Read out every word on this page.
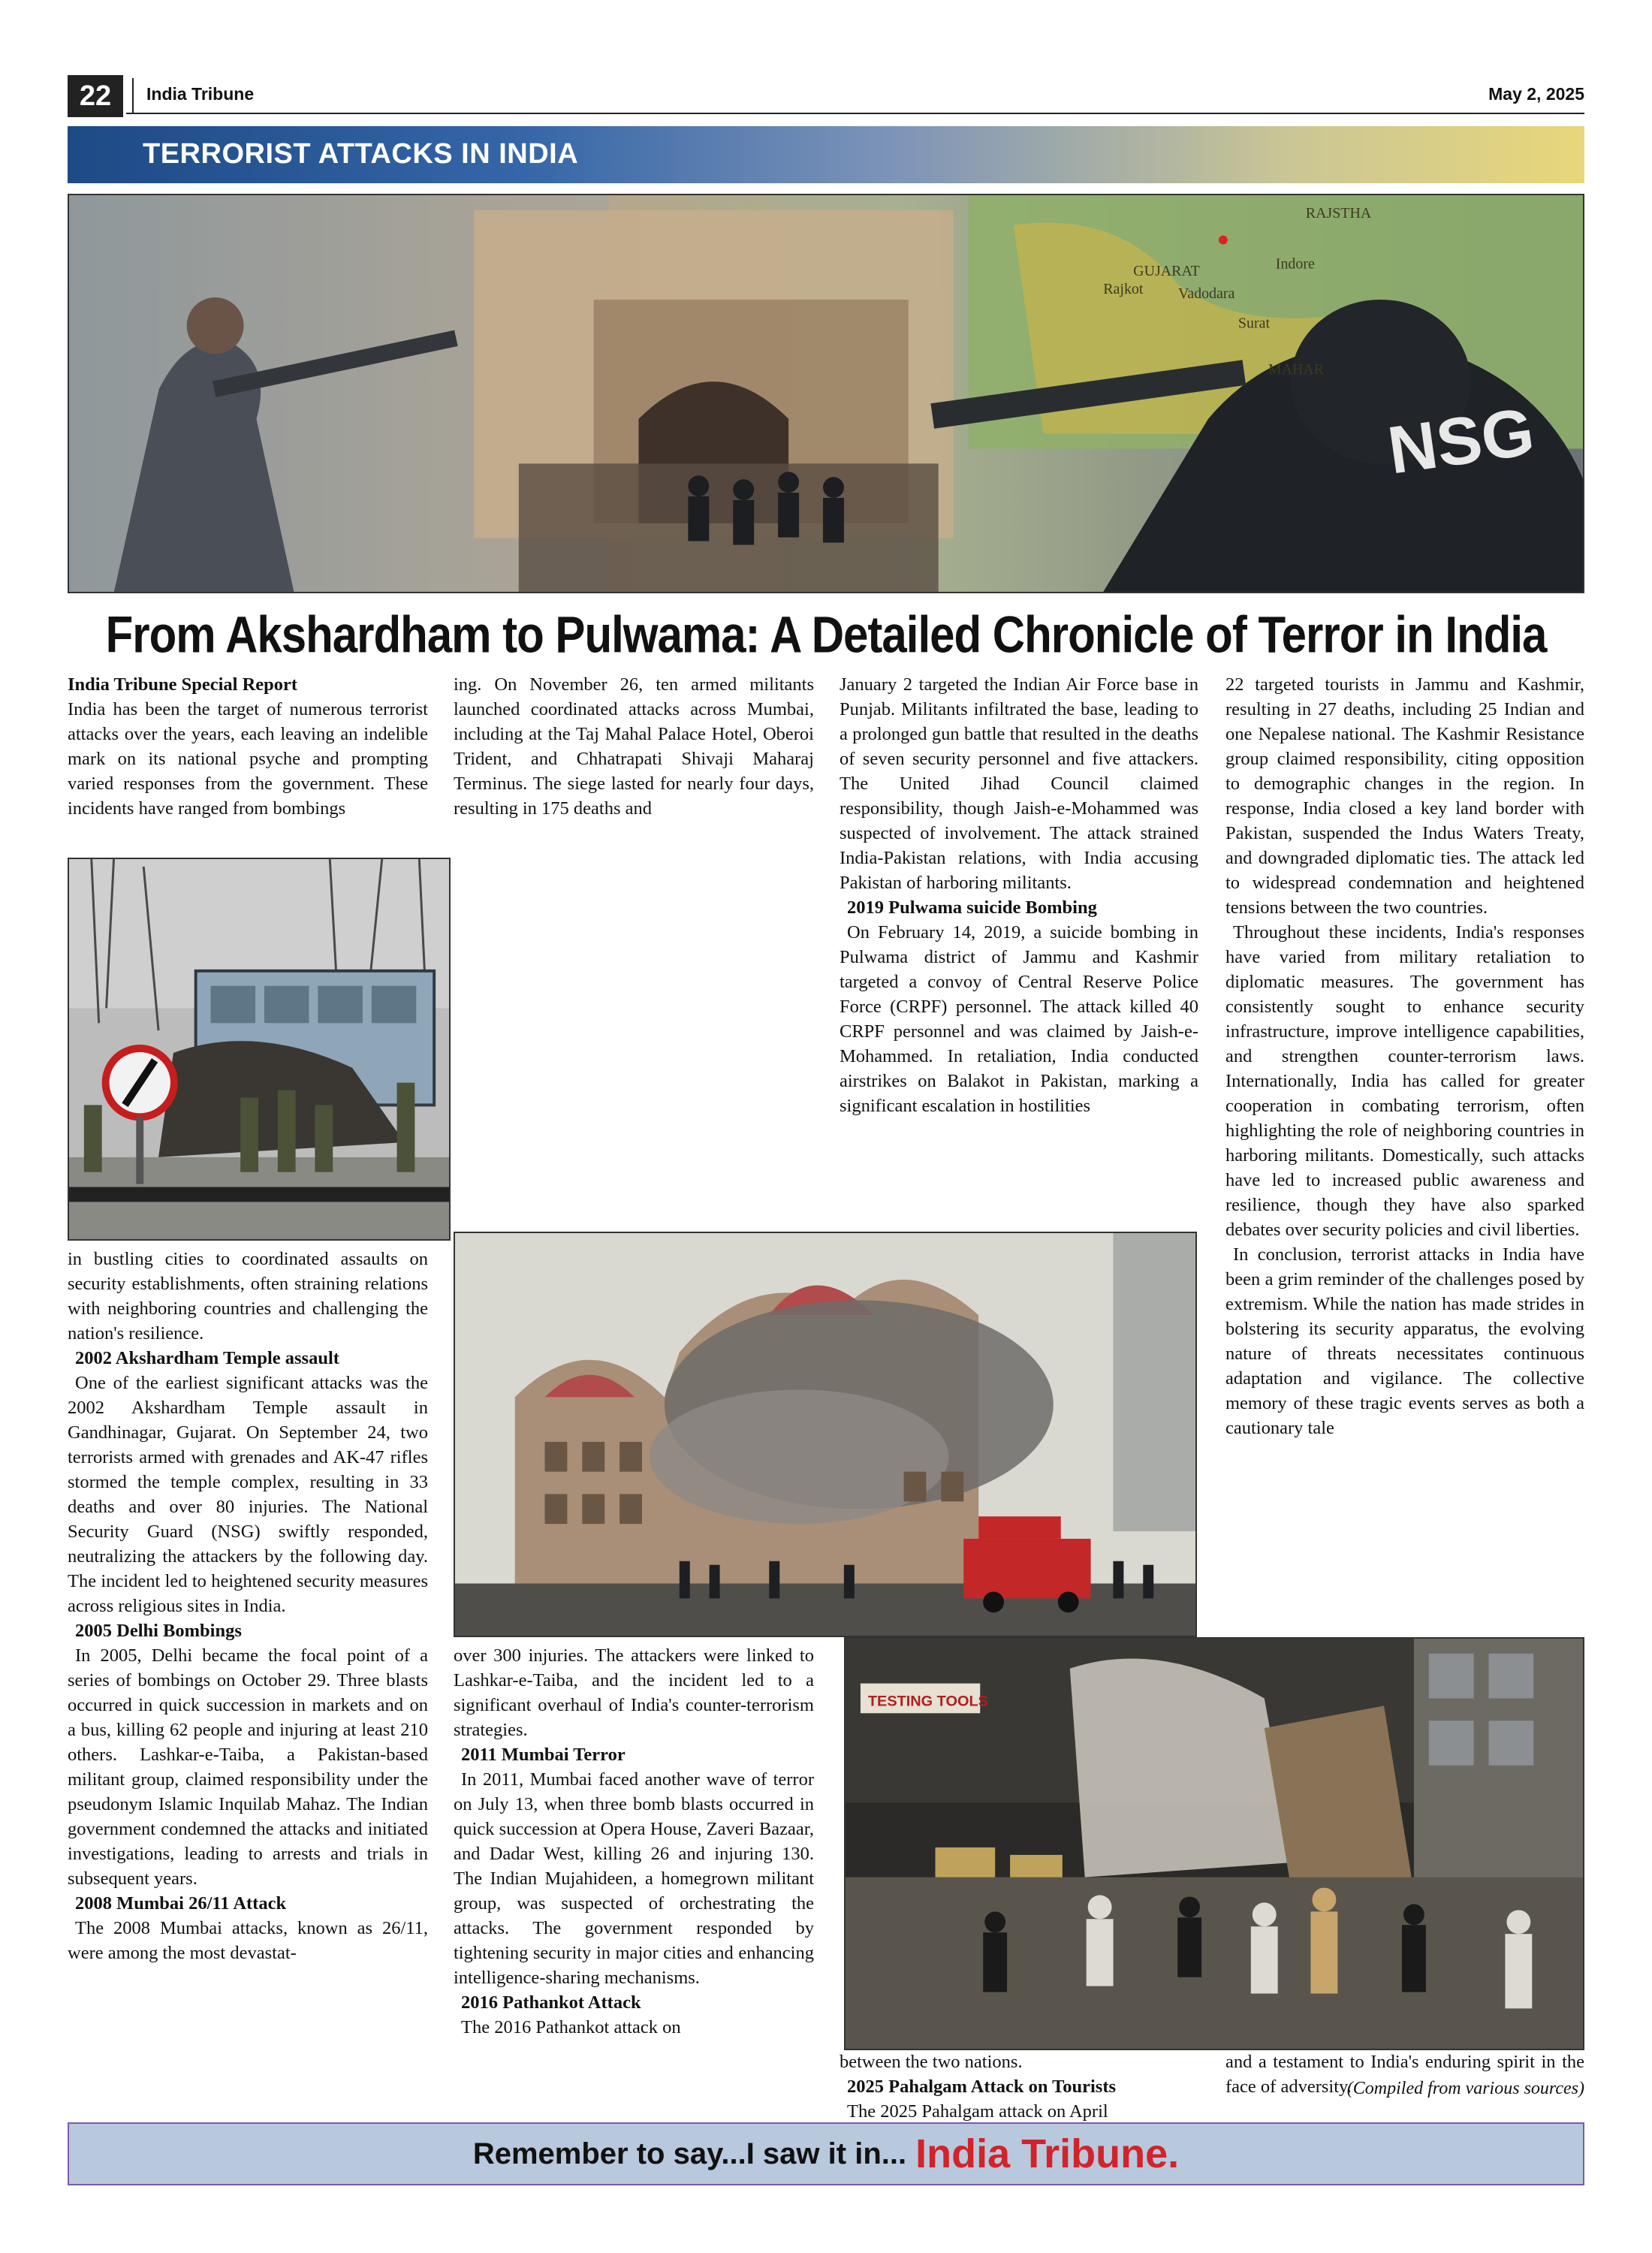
22	India Tribune	May 2, 2025
TERRORIST ATTACKS IN INDIA
RAJSTHA
GUJARAT	Indore
Rajkot Vadodara
Surat
MAHAR
NSG
From Akshardham to Pulwama: A Detailed Chronicle of Terror in India

India Tribune Special Report

India has been the target of numerous terrorist attacks over the years, each leaving an indelible mark on its national psyche and prompting varied responses from the government. These incidents have ranged from bombings

in bustling cities to coordinated assaults on security establishments, often straining relations with neighboring countries and challenging the nation's resilience.

2002 Akshardham Temple assault

One of the earliest significant attacks was the 2002 Akshardham Temple assault in Gandhinagar, Gujarat. On September 24, two terrorists armed with grenades and AK-47 rifles stormed the temple complex, resulting in 33 deaths and over 80 injuries. The National Security Guard (NSG) swiftly responded, neutralizing the attackers by the following day. The incident led to heightened security measures across religious sites in India.

2005 Delhi Bombings

In 2005, Delhi became the focal point of a series of bombings on October 29. Three blasts occurred in quick succession in markets and on a bus, killing 62 people and injuring at least 210 others. Lashkar-e-Taiba, a Pakistan-based militant group, claimed responsibility under the pseudonym Islamic Inquilab Mahaz. The Indian government condemned the attacks and initiated investigations, leading to arrests and trials in subsequent years.

2008 Mumbai 26/11 Attack

The 2008 Mumbai attacks, known as 26/11, were among the most devastat-

ing. On November 26, ten armed militants launched coordinated attacks across Mumbai, including at the Taj Mahal Palace Hotel, Oberoi Trident, and Chhatrapati Shivaji Maharaj Terminus. The siege lasted for nearly four days, resulting in 175 deaths and

over 300 injuries. The attackers were linked to Lashkar-e-Taiba, and the incident led to a significant overhaul of India's counter-terrorism strategies.

2011 Mumbai Terror

In 2011, Mumbai faced another wave of terror on July 13, when three bomb blasts occurred in quick succession at Opera House, Zaveri Bazaar, and Dadar West, killing 26 and injuring 130. The Indian Mujahideen, a homegrown militant group, was suspected of orchestrating the attacks. The government responded by tightening security in major cities and enhancing intelligence-sharing mechanisms.

2016 Pathankot Attack

The 2016 Pathankot attack on

January 2 targeted the Indian Air Force base in Punjab. Militants infiltrated the base, leading to a prolonged gun battle that resulted in the deaths of seven security personnel and five attackers. The United Jihad Council claimed responsibility, though Jaish-e-Mohammed was suspected of involvement. The attack strained India-Pakistan relations, with India accusing Pakistan of harboring militants.

2019 Pulwama suicide Bombing

On February 14, 2019, a suicide bombing in Pulwama district of Jammu and Kashmir targeted a convoy of Central Reserve Police Force (CRPF) personnel. The attack killed 40 CRPF personnel and was claimed by Jaish-e-Mohammed. In retaliation, India conducted airstrikes on Balakot in Pakistan, marking a significant escalation in hostilities

between the two nations.

2025 Pahalgam Attack on Tourists

The 2025 Pahalgam attack on April

22 targeted tourists in Jammu and Kashmir, resulting in 27 deaths, including 25 Indian and one Nepalese national. The Kashmir Resistance group claimed responsibility, citing opposition to demographic changes in the region. In response, India closed a key land border with Pakistan, suspended the Indus Waters Treaty, and downgraded diplomatic ties. The attack led to widespread condemnation and heightened tensions between the two countries.

Throughout these incidents, India's responses have varied from military retaliation to diplomatic measures. The government has consistently sought to enhance security infrastructure, improve intelligence capabilities, and strengthen counter-terrorism laws. Internationally, India has called for greater cooperation in combating terrorism, often highlighting the role of neighboring countries in harboring militants. Domestically, such attacks have led to increased public awareness and resilience, though they have also sparked debates over security policies and civil liberties.

In conclusion, terrorist attacks in India have been a grim reminder of the challenges posed by extremism. While the nation has made strides in bolstering its security apparatus, the evolving nature of threats necessitates continuous adaptation and vigilance. The collective memory of these tragic events serves as both a cautionary tale

TESTING TOOLS

and a testament to India's enduring spirit in the face of adversity.

(Compiled from various sources)
Remember to say...I saw it in... India Tribune.
